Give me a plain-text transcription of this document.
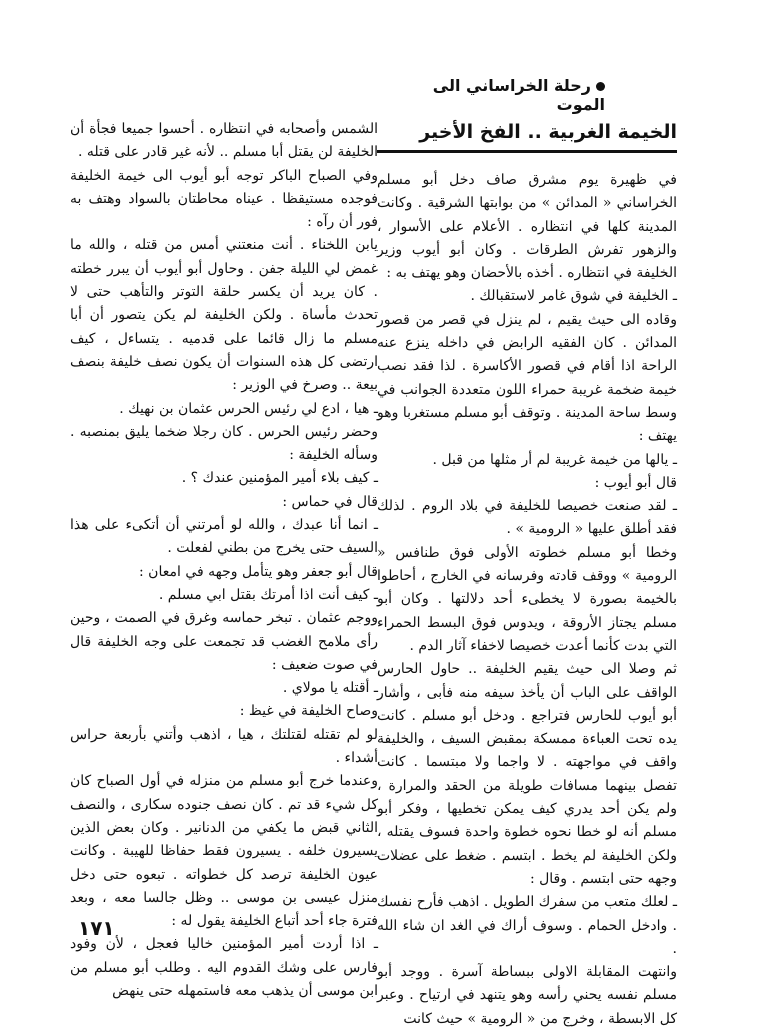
رحلة الخراساني الى الموت
الخيمة الغربية .. الفخ الأخير

في ظهيرة يوم مشرق صاف دخل أبو مسلم الخراساني « المدائن » من بوابتها الشرقية . وكانت المدينة كلها في انتظاره . الأعلام على الأسوار ، والزهور تفرش الطرقات . وكان أبو أيوب وزير الخليفة في انتظاره . أخذه بالأحضان وهو يهتف به :

ـ الخليفة في شوق غامر لاستقبالك .

وقاده الى حيث يقيم ، لم ينزل في قصر من قصور المدائن . كان الفقيه الرابض في داخله ينزع عنه الراحة اذا أقام في قصور الأكاسرة . لذا فقد نصب خيمة ضخمة غريبة حمراء اللون متعددة الجوانب في وسط ساحة المدينة . وتوقف أبو مسلم مستغربا وهو يهتف :

ـ يالها من خيمة غريبة لم أر مثلها من قبل .

قال أبو أيوب :

ـ لقد صنعت خصيصا للخليفة في بلاد الروم . لذلك فقد أطلق عليها « الرومية » .

وخطا أبو مسلم خطوته الأولى فوق طنافس « الرومية » ووقف قادته وفرسانه في الخارج ، أحاطوا بالخيمة بصورة لا يخطىء أحد دلالتها . وكان أبو مسلم يجتاز الأروقة ، ويدوس فوق البسط الحمراء التي بدت كأنما أعدت خصيصا لاخفاء آثار الدم .

ثم وصلا الى حيث يقيم الخليفة .. حاول الحارس الواقف على الباب أن يأخذ سيفه منه فأبى ، وأشار أبو أيوب للحارس فتراجع . ودخل أبو مسلم . كانت يده تحت العباءة ممسكة بمقبض السيف ، والخليفة واقف في مواجهته . لا واجما ولا مبتسما . كانت تفصل بينهما مسافات طويلة من الحقد والمرارة ، ولم يكن أحد يدري كيف يمكن تخطيها ، وفكر أبو مسلم أنه لو خطا نحوه خطوة واحدة فسوف يقتله ، ولكن الخليفة لم يخط . ابتسم . ضغط على عضلات وجهه حتى ابتسم . وقال :

ـ لعلك متعب من سفرك الطويل . اذهب فأرح نفسك . وادخل الحمام . وسوف أراك في الغد ان شاء الله .

وانتهت المقابلة الاولى ببساطة آسرة . ووجد أبو مسلم نفسه يحني رأسه وهو يتنهد في ارتياح . وعبر كل الابسطة ، وخرج من « الرومية » حيث كانت

الشمس وأصحابه في انتظاره . أحسوا جميعا فجأة أن الخليفة لن يقتل أبا مسلم .. لأنه غير قادر على قتله .

وفي الصباح الباكر توجه أبو أيوب الى خيمة الخليفة فوجده مستيقظا . عيناه محاطتان بالسواد وهتف به فور أن رآه :

يابن اللخناء . أنت منعتني أمس من قتله ، والله ما غمض لي الليلة جفن . وحاول أبو أيوب أن يبرر خطته . كان يريد أن يكسر حلقة التوتر والتأهب حتى لا تحدث مأساة . ولكن الخليفة لم يكن يتصور أن أبا مسلم ما زال قائما على قدميه . يتساءل ، كيف ارتضى كل هذه السنوات أن يكون نصف خليفة بنصف بيعة .. وصرخ في الوزير :

ـ هيا ، ادع لي رئيس الحرس عثمان بن نهيك .

وحضر رئيس الحرس . كان رجلا ضخما يليق بمنصبه . وسأله الخليفة :

ـ كيف بلاء أمير المؤمنين عندك ؟ .

قال في حماس :

ـ انما أنا عبدك ، والله لو أمرتني أن أتكىء على هذا السيف حتى يخرج من بطني لفعلت .

قال أبو جعفر وهو يتأمل وجهه في امعان :

ـ كيف أنت اذا أمرتك بقتل ابي مسلم .

ووجم عثمان . تبخر حماسه وغرق في الصمت ، وحين رأى ملامح الغضب قد تجمعت على وجه الخليفة قال في صوت ضعيف :

ـ أقتله يا مولاي .

وصاح الخليفة في غيظ :

لو لم تقتله لقتلتك ، هيا ، اذهب وأتني بأربعة حراس أشداء .

وعندما خرج أبو مسلم من منزله في أول الصباح كان كل شيء قد تم . كان نصف جنوده سكارى ، والنصف الثاني قبض ما يكفي من الدنانير . وكان بعض الذين يسيرون خلفه . يسيرون فقط حفاظا للهيبة . وكانت عيون الخليفة ترصد كل خطواته . تبعوه حتى دخل منزل عيسى بن موسى .. وظل جالسا معه ، وبعد فترة جاء أحد أتباع الخليفة يقول له :

ـ اذا أردت أمير المؤمنين خاليا فعجل ، لأن وفود فارس على وشك القدوم اليه . وطلب أبو مسلم من ابن موسى أن يذهب معه فاستمهله حتى ينهض

١٧١
